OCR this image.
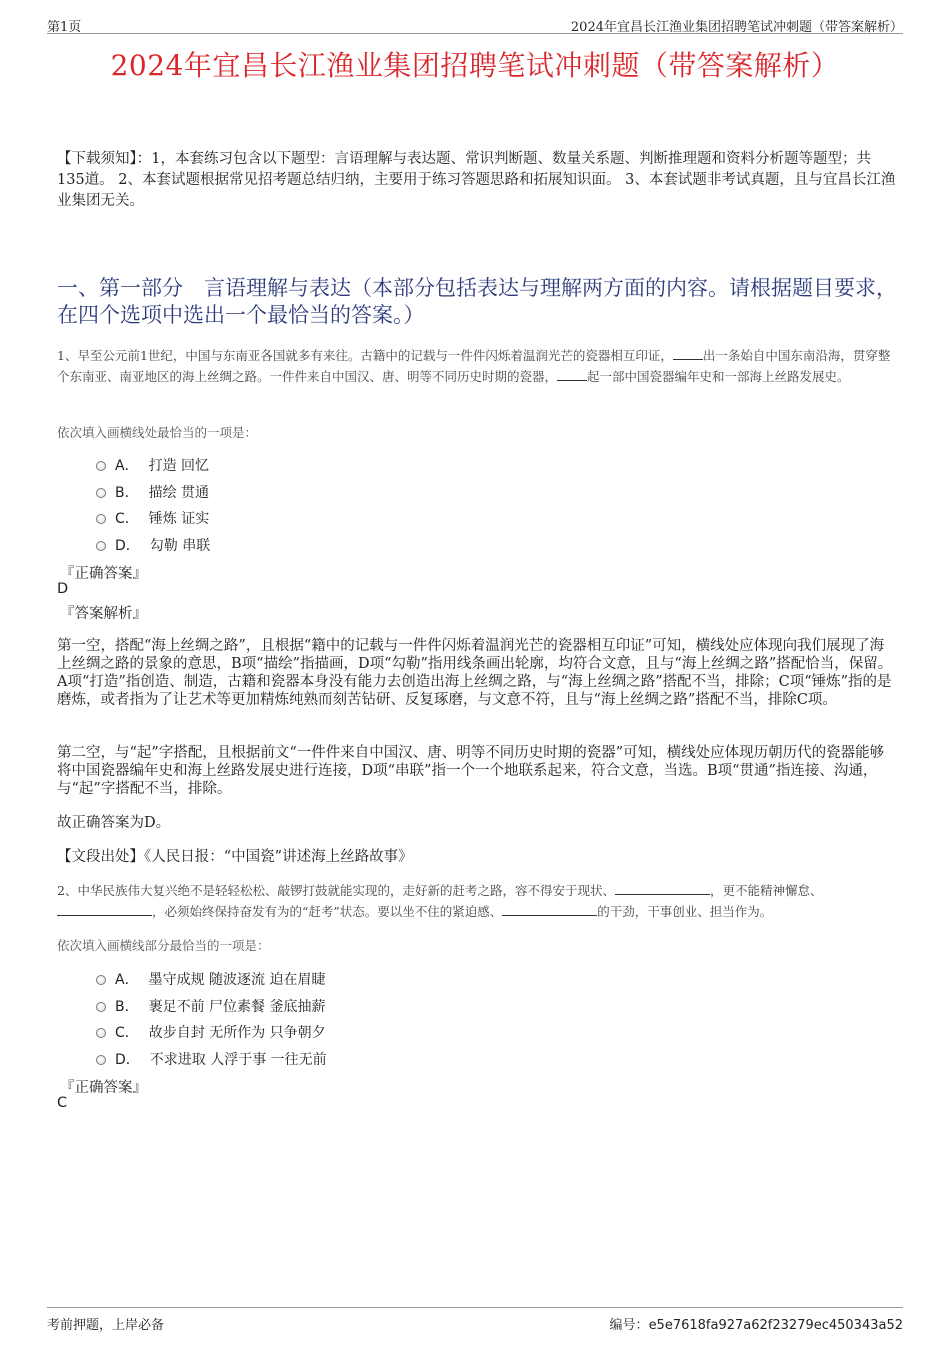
第1页	2024年宜昌长江渔业集团招聘笔试冲刺题（带答案解析）
2024年宜昌长江渔业集团招聘笔试冲刺题（带答案解析）
【下载须知】：1，本套练习包含以下题型：言语理解与表达题、常识判断题、数量关系题、判断推理题和资料分析题等题型；共135道。 2、本套试题根据常见招考题总结归纳，主要用于练习答题思路和拓展知识面。 3、本套试题非考试真题，且与宜昌长江渔业集团无关。
一、第一部分　言语理解与表达（本部分包括表达与理解两方面的内容。请根据题目要求，在四个选项中选出一个最恰当的答案。）
1、早至公元前1世纪，中国与东南亚各国就多有来往。古籍中的记载与一件件闪烁着温润光芒的瓷器相互印证， 出一条始自中国东南沿海，贯穿整个东南亚、南亚地区的海上丝绸之路。一件件来自中国汉、唐、明等不同历史时期的瓷器， 起一部中国瓷器编年史和一部海上丝路发展史。
依次填入画横线处最恰当的一项是：
A． 打造 回忆
B． 描绘 贯通
C． 锤炼 证实
D． 勾勒 串联
『正确答案』
D
『答案解析』
第一空，搭配“海上丝绸之路”，且根据“籍中的记载与一件件闪烁着温润光芒的瓷器相互印证”可知，横线处应体现向我们展现了海上丝绸之路的景象的意思，B项“描绘”指描画，D项“勾勒”指用线条画出轮廓，均符合文意，且与“海上丝绸之路”搭配恰当，保留。A项“打造”指创造、制造，古籍和瓷器本身没有能力去创造出海上丝绸之路，与“海上丝绸之路”搭配不当，排除；C项“锤炼”指的是磨炼，或者指为了让艺术等更加精炼纯熟而刻苦钻研、反复琢磨，与文意不符，且与“海上丝绸之路”搭配不当，排除C项。
第二空，与“起”字搭配，且根据前文“一件件来自中国汉、唐、明等不同历史时期的瓷器”可知，横线处应体现历朝历代的瓷器能够将中国瓷器编年史和海上丝路发展史进行连接，D项“串联”指一个一个地联系起来，符合文意，当选。B项“贯通”指连接、沟通，与“起”字搭配不当，排除。
故正确答案为D。
【文段出处】《人民日报：“中国瓷”讲述海上丝路故事》
2、中华民族伟大复兴绝不是轻轻松松、敲锣打鼓就能实现的，走好新的赶考之路，容不得安于现状、	，更不能精神懈怠、，必须始终保持奋发有为的“赶考”状态。要以坐不住的紧迫感、	的干劲，干事创业、担当作为。
依次填入画横线部分最恰当的一项是：
A． 墨守成规 随波逐流 迫在眉睫
B． 裹足不前 尸位素餐 釜底抽薪
C． 故步自封 无所作为 只争朝夕
D． 不求进取 人浮于事 一往无前
『正确答案』
C
考前押题，上岸必备	编号：e5e7618fa927a62f23279ec450343a52
